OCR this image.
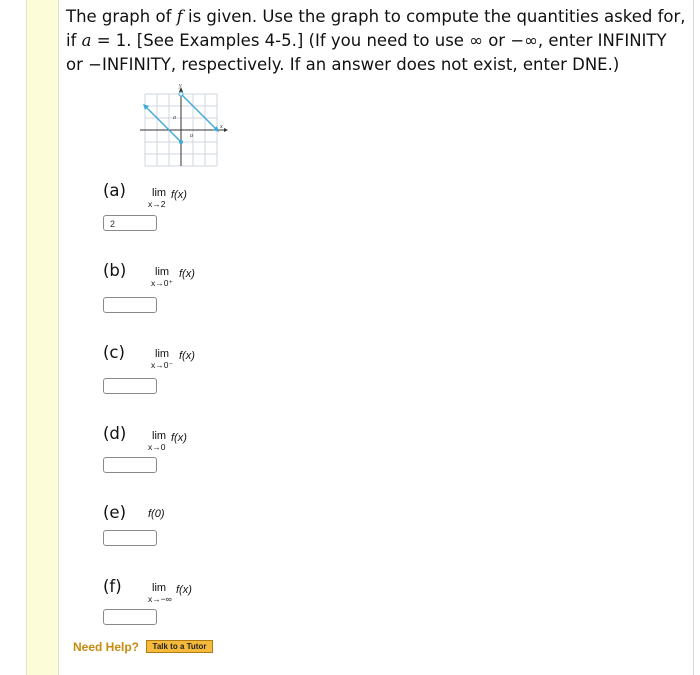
The graph of f is given. Use the graph to compute the quantities asked for, if a = 1. [See Examples 4-5.] (If you need to use ∞ or −∞, enter INFINITY or −INFINITY, respectively. If an answer does not exist, enter DNE.)
y
x
a
a
(a) lim
x→2
f(x)
2
(b)	lim
x→0⁺
f(x)
(c)	lim
x→0⁻
f(x)
(d) lim
x→0
f(x)
(e) f(0)
(f)	lim
x→−∞
f(x)
Need Help?	Talk to a Tutor
